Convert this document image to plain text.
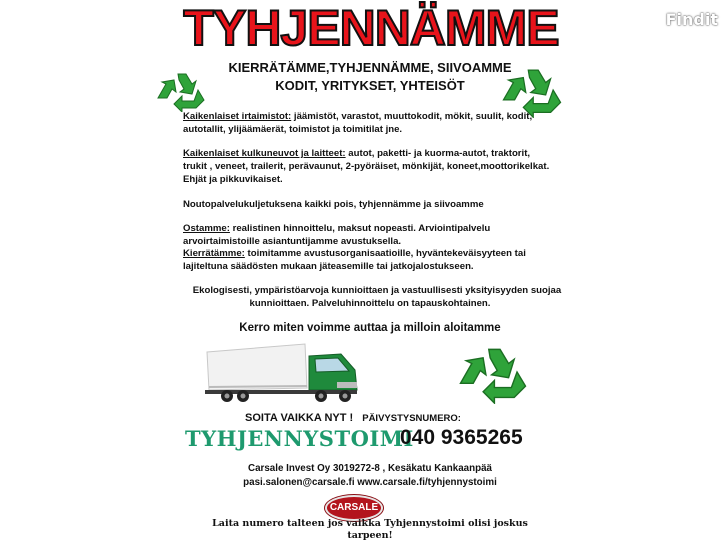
Findit
TYHJENNÄMME
KIERRÄTÄMME,TYHJENNÄMME, SIIVOAMME
KODIT, YRITYKSET, YHTEISÖT
Kaikenlaiset irtaimistot: jäämistöt, varastot, muuttokodit, mökit, suulit, kodit, autotallit, ylijäämäerät, toimistot ja toimitilat jne.
Kaikenlaiset kulkuneuvot ja laitteet: autot, paketti- ja kuorma-autot, traktorit, trukit , veneet, trailerit, perävaunut, 2-pyöräiset, mönkijät, koneet,moottorikelkat. Ehjät ja pikkuvikaiset.
Noutopalvelukuljetuksena kaikki pois, tyhjennämme ja siivoamme
Ostamme: realistinen hinnoittelu, maksut nopeasti. Arviointipalvelu arvoirtaimistoille asiantuntijamme avustuksella.
Kierrätämme: toimitamme avustusorganisaatioille, hyväntekeväisyyteen tai lajiteltuna säädösten mukaan jäteasemille tai jatkojalostukseen.
Ekologisesti, ympäristöarvoja kunnioittaen ja vastuullisesti yksityisyyden suojaa kunnioittaen. Palveluhinnoittelu on tapauskohtainen.
Kerro miten voimme auttaa ja milloin aloitamme
SOITA VAIKKA NYT ! PÄIVYSTYSNUMERO:
TYHJENNYSTOIMI
040 9365265
Carsale Invest Oy 3019272-8 , Kesäkatu Kankaanpää
pasi.salonen@carsale.fi www.carsale.fi/tyhjennystoimi
CARSALE
Laita numero talteen jos vaikka Tyhjennystoimi olisi joskus tarpeen!
